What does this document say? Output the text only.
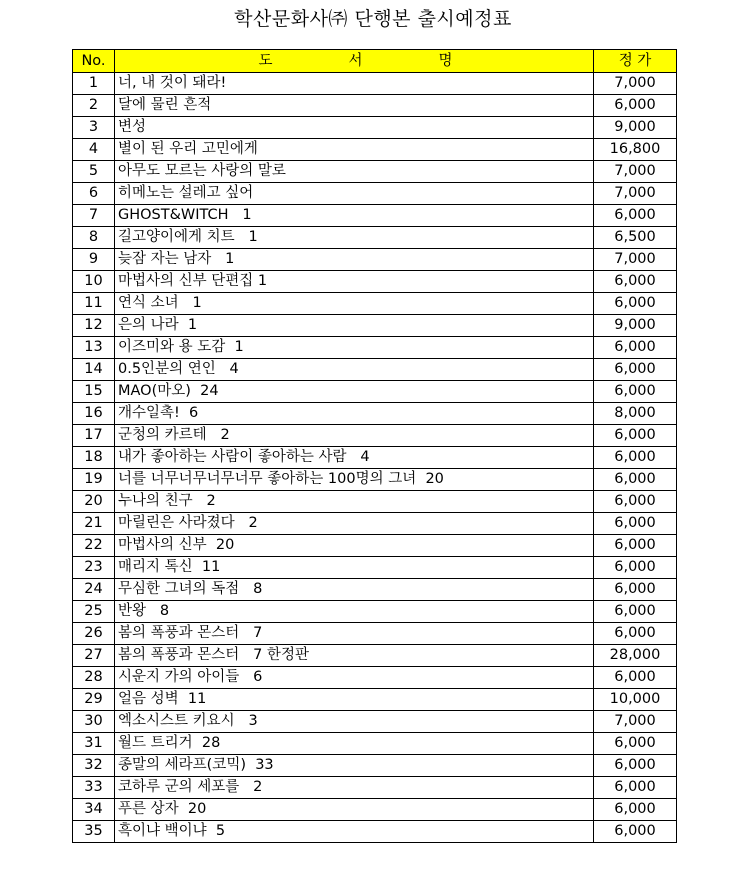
학산문화사㈜ 단행본 출시예정표
No.	도 서 명	정 가
1	너, 내 것이 돼라!	7,000
2	달에 물린 흔적	6,000
3	변성	9,000
4	별이 된 우리 고민에게	16,800
5	아무도 모르는 사랑의 말로	7,000
6	히메노는 설레고 싶어	7,000
7	GHOST&WITCH   1	6,000
8	길고양이에게 치트   1	6,500
9	늦잠 자는 남자   1	7,000
10	마법사의 신부 단편집 1	6,000
11	연식 소녀   1	6,000
12	은의 나라  1	9,000
13	이즈미와 용 도감  1	6,000
14	0.5인분의 연인   4	6,000
15	MAO(마오)  24	6,000
16	개수일촉!  6	8,000
17	군청의 카르테   2	6,000
18	내가 좋아하는 사람이 좋아하는 사람   4	6,000
19	너를 너무너무너무너무 좋아하는 100명의 그녀  20	6,000
20	누나의 친구   2	6,000
21	마릴린은 사라졌다   2	6,000
22	마법사의 신부  20	6,000
23	매리지 톡신  11	6,000
24	무심한 그녀의 독점   8	6,000
25	반왕   8	6,000
26	봄의 폭풍과 몬스터   7	6,000
27	봄의 폭풍과 몬스터   7 한정판	28,000
28	시운지 가의 아이들   6	6,000
29	얼음 성벽  11	10,000
30	엑소시스트 키요시   3	7,000
31	월드 트리거  28	6,000
32	종말의 세라프(코믹)  33	6,000
33	코하루 군의 세포를   2	6,000
34	푸른 상자  20	6,000
35	흑이냐 백이냐  5	6,000
